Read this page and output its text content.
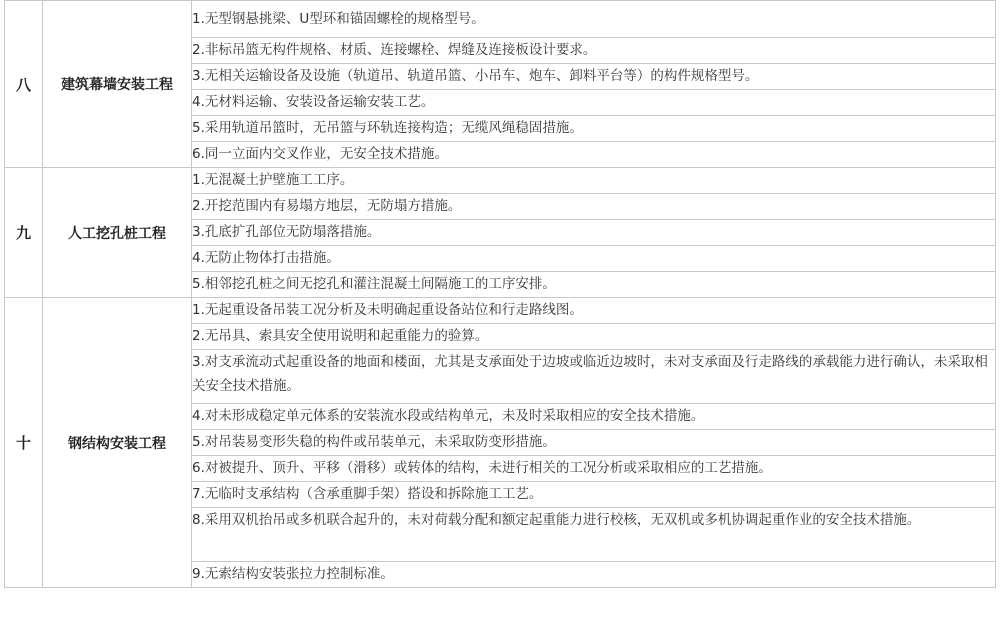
八	建筑幕墙安装工程	1.无型钢悬挑梁、U型环和锚固螺栓的规格型号。
		2.非标吊篮无构件规格、材质、连接螺栓、焊缝及连接板设计要求。
		3.无相关运输设备及设施（轨道吊、轨道吊篮、小吊车、炮车、卸料平台等）的构件规格型号。
		4.无材料运输、安装设备运输安装工艺。
		5.采用轨道吊篮时，无吊篮与环轨连接构造；无缆风绳稳固措施。
		6.同一立面内交叉作业，无安全技术措施。
九	人工挖孔桩工程	1.无混凝土护壁施工工序。
		2.开挖范围内有易塌方地层，无防塌方措施。
		3.孔底扩孔部位无防塌落措施。
		4.无防止物体打击措施。
		5.相邻挖孔桩之间无挖孔和灌注混凝土间隔施工的工序安排。
十	钢结构安装工程	1.无起重设备吊装工况分析及未明确起重设备站位和行走路线图。
		2.无吊具、索具安全使用说明和起重能力的验算。
		3.对支承流动式起重设备的地面和楼面，尤其是支承面处于边坡或临近边坡时，未对支承面及行走路线的承载能力进行确认，未采取相关安全技术措施。
		4.对未形成稳定单元体系的安装流水段或结构单元，未及时采取相应的安全技术措施。
		5.对吊装易变形失稳的构件或吊装单元，未采取防变形措施。
		6.对被提升、顶升、平移（滑移）或转体的结构，未进行相关的工况分析或采取相应的工艺措施。
		7.无临时支承结构（含承重脚手架）搭设和拆除施工工艺。
		8.采用双机抬吊或多机联合起升的，未对荷载分配和额定起重能力进行校核，无双机或多机协调起重作业的安全技术措施。
		9.无索结构安装张拉力控制标准。
